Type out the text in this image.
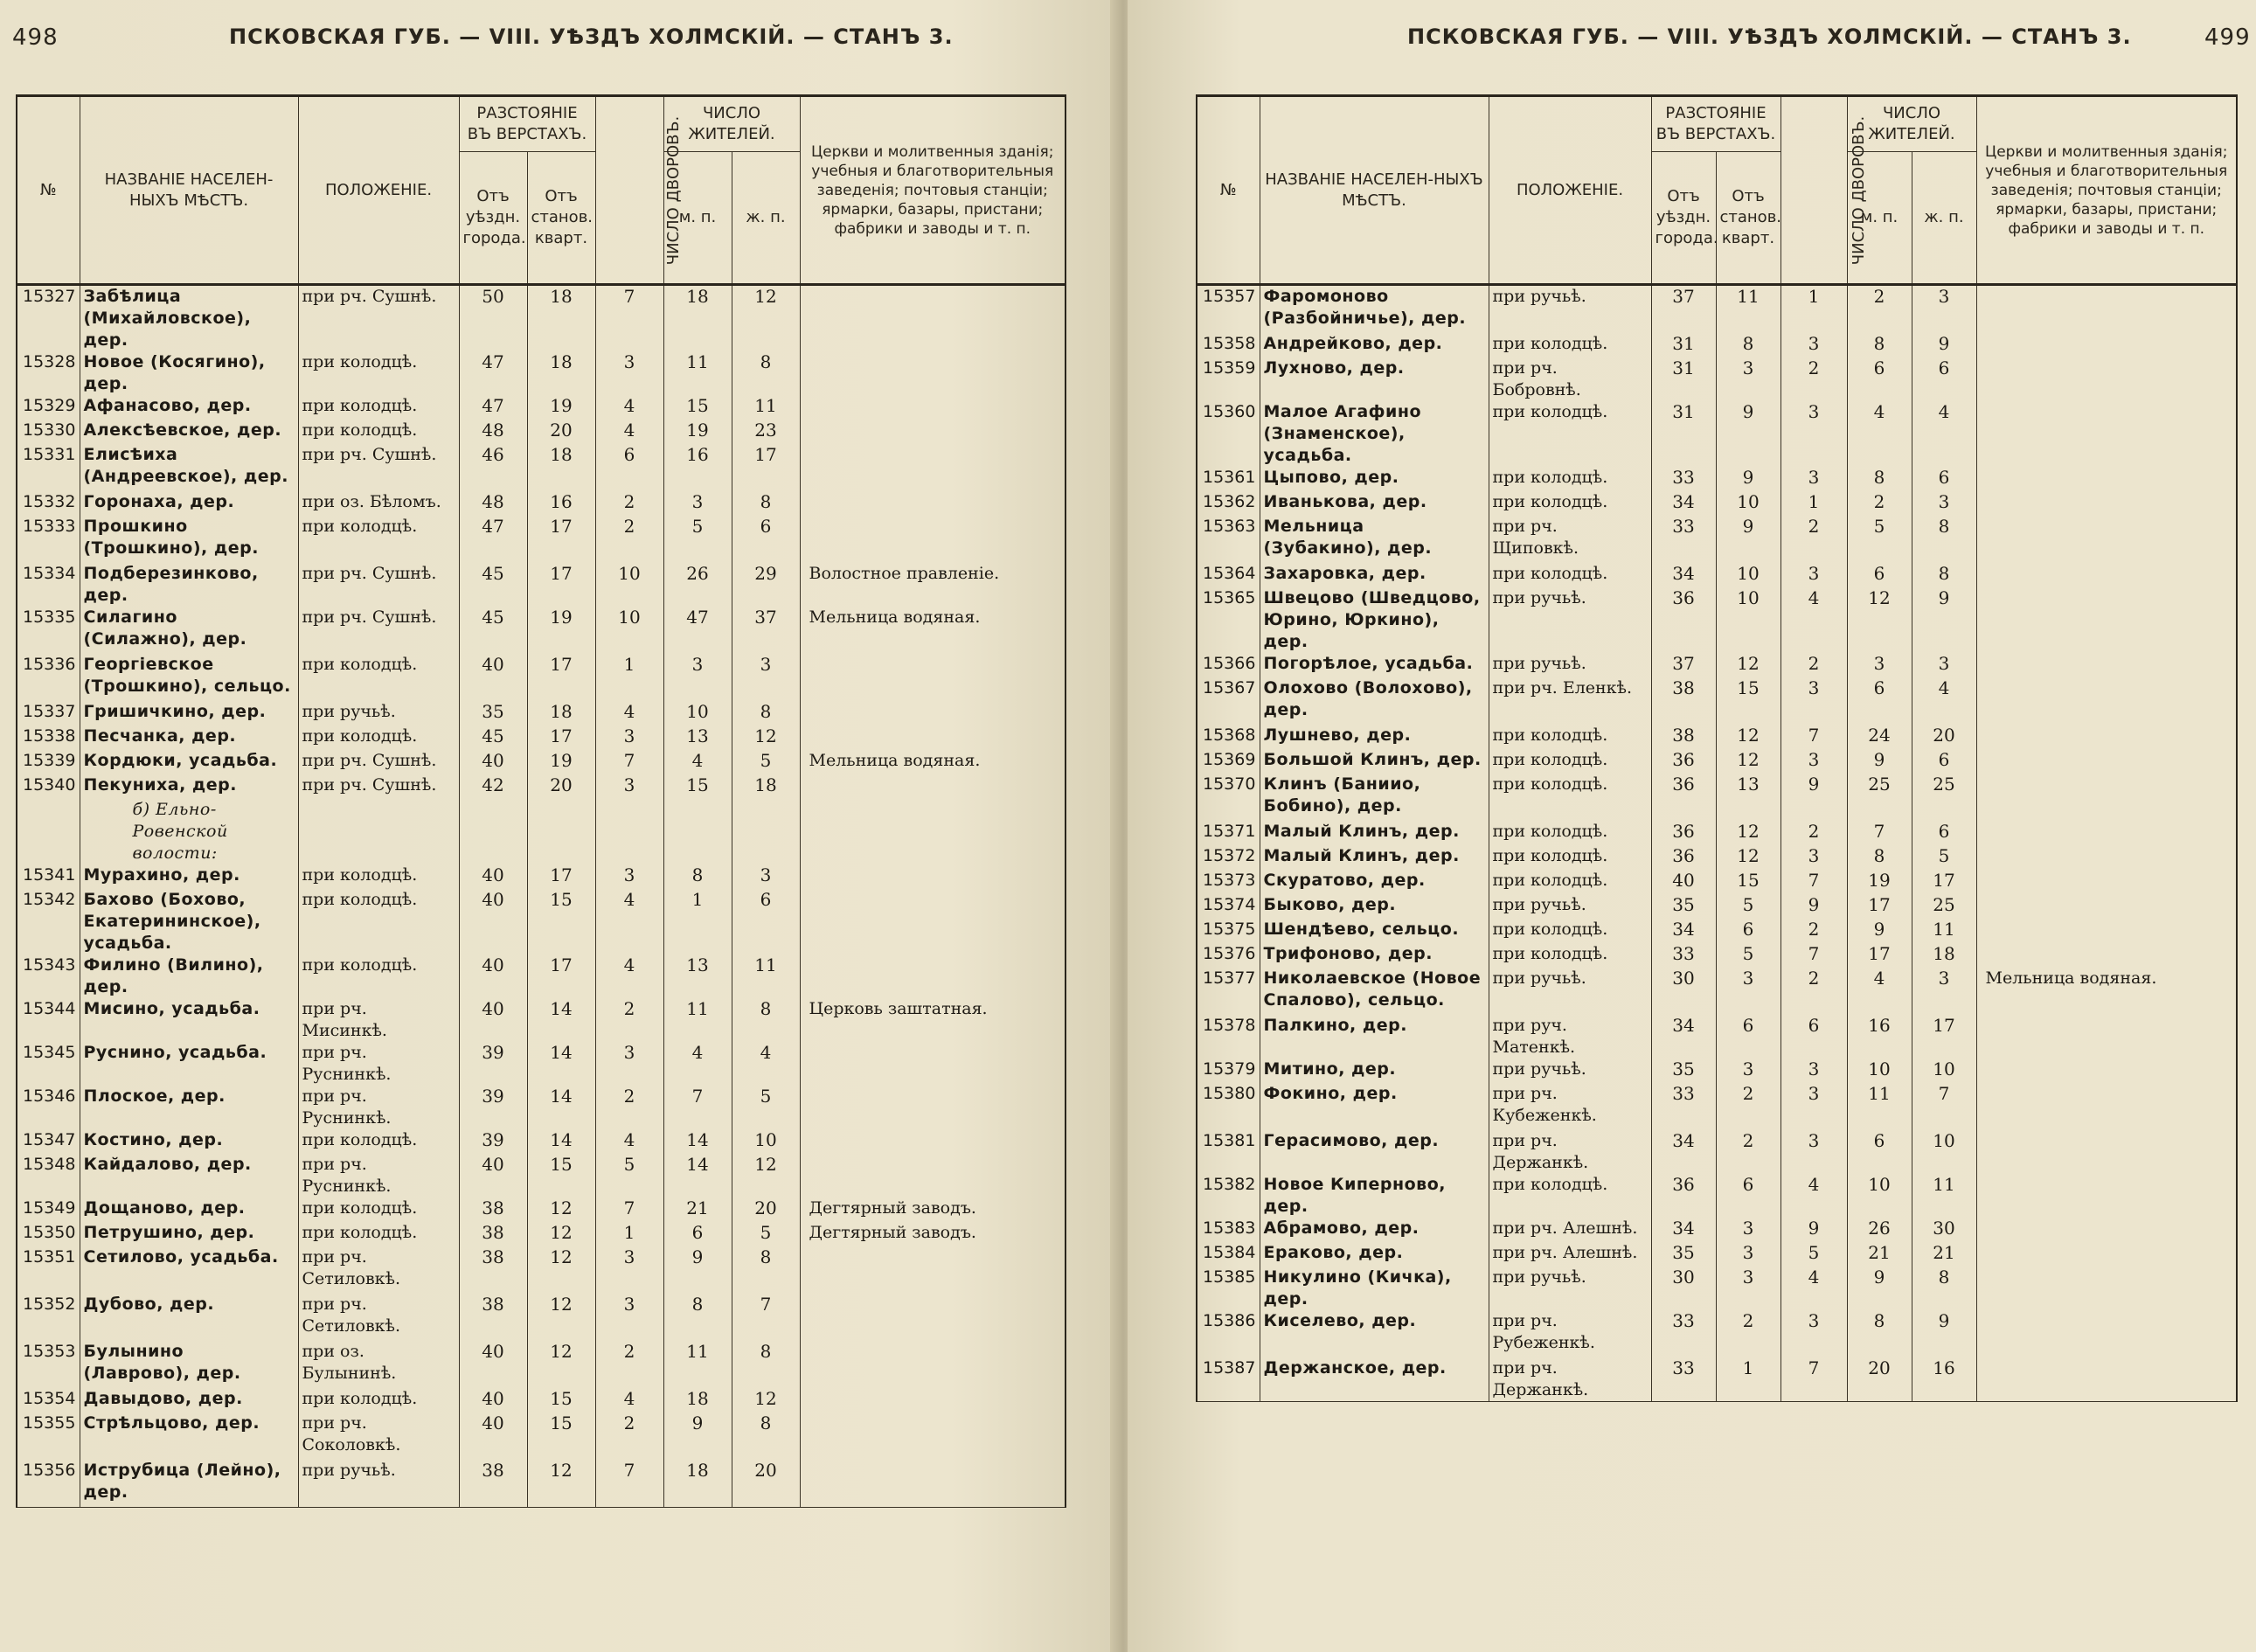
498	ПСКОВСКАЯ ГУБ. — VIII. УѢЗДЪ ХОЛМСКІЙ. — СТАНЪ 3.
№	НАЗВАНІЕ НАСЕЛЕН-НЫХЪ МѢСТЪ.	ПОЛОЖЕНІЕ.	РАЗСТОЯНІЕ ВЪ ВЕРСТАХЪ.		ЧИСЛО ДВОРОВЪ.	ЧИСЛО ЖИТЕЛЕЙ.		Церкви и молитвенныя зданія; учебныя и благотворительныя заведенія; почтовыя станціи; ярмарки, базары, пристани; фабрики и заводы и т. п.
			Отъ уѣздн. города.	Отъ станов. кварт.		м. п.	ж. п.	
15327	Забѣлица (Михайловское), дер.	при рч. Сушнѣ.	50	18	7	18	12	
15328	Новое (Косягино), дер.	при колодцѣ.	47	18	3	11	8	
15329	Афанасово, дер.	при колодцѣ.	47	19	4	15	11	
15330	Алексѣевское, дер.	при колодцѣ.	48	20	4	19	23	
15331	Елисѣиха (Андреевское), дер.	при рч. Сушнѣ.	46	18	6	16	17	
15332	Горонаха, дер.	при оз. Бѣломъ.	48	16	2	3	8	
15333	Прошкино (Трошкино), дер.	при колодцѣ.	47	17	2	5	6	
15334	Подберезинково, дер.	при рч. Сушнѣ.	45	17	10	26	29	Волостное правленіе.
15335	Силагино (Силажно), дер.	при рч. Сушнѣ.	45	19	10	47	37	Мельница водяная.
15336	Георгіевское (Трошкино), сельцо.	при колодцѣ.	40	17	1	3	3	
15337	Гришичкино, дер.	при ручьѣ.	35	18	4	10	8	
15338	Песчанка, дер.	при колодцѣ.	45	17	3	13	12	
15339	Кордюки, усадьба.	при рч. Сушнѣ.	40	19	7	4	5	Мельница водяная.
15340	Пекуниха, дер.	при рч. Сушнѣ.	42	20	3	15	18	
	б) Ельно-Ровенской волости:							
15341	Мурахино, дер.	при колодцѣ.	40	17	3	8	3	
15342	Бахово (Бохово, Екатерининское), усадьба.	при колодцѣ.	40	15	4	1	6	
15343	Филино (Вилино), дер.	при колодцѣ.	40	17	4	13	11	
15344	Мисино, усадьба.	при рч. Мисинкѣ.	40	14	2	11	8	Церковь заштатная.
15345	Руснино, усадьба.	при рч. Руснинкѣ.	39	14	3	4	4	
15346	Плоское, дер.	при рч. Руснинкѣ.	39	14	2	7	5	
15347	Костино, дер.	при колодцѣ.	39	14	4	14	10	
15348	Кайдалово, дер.	при рч. Руснинкѣ.	40	15	5	14	12	
15349	Дощаново, дер.	при колодцѣ.	38	12	7	21	20	Дегтярный заводъ.
15350	Петрушино, дер.	при колодцѣ.	38	12	1	6	5	Дегтярный заводъ.
15351	Сетилово, усадьба.	при рч. Сетиловкѣ.	38	12	3	9	8	
15352	Дубово, дер.	при рч. Сетиловкѣ.	38	12	3	8	7	
15353	Булынино (Лаврово), дер.	при оз. Булынинѣ.	40	12	2	11	8	
15354	Давыдово, дер.	при колодцѣ.	40	15	4	18	12	
15355	Стрѣльцово, дер.	при рч. Соколовкѣ.	40	15	2	9	8	
15356	Иструбица (Лейно), дер.	при ручьѣ.	38	12	7	18	20	
ПСКОВСКАЯ ГУБ. — VIII. УѢЗДЪ ХОЛМСКІЙ. — СТАНЪ 3.	499
№	НАЗВАНІЕ НАСЕЛЕН-НЫХЪ МѢСТЪ.	ПОЛОЖЕНІЕ.	РАЗСТОЯНІЕ ВЪ ВЕРСТАХЪ.		ЧИСЛО ДВОРОВЪ.	ЧИСЛО ЖИТЕЛЕЙ.		Церкви и молитвенныя зданія; учебныя и благотворительныя заведенія; почтовыя станціи; ярмарки, базары, пристани; фабрики и заводы и т. п.
			Отъ уѣздн. города.	Отъ станов. кварт.		м. п.	ж. п.	
15357	Фаромоново (Разбойничье), дер.	при ручьѣ.	37	11	1	2	3	
15358	Андрейково, дер.	при колодцѣ.	31	8	3	8	9	
15359	Лухново, дер.	при рч. Бобровнѣ.	31	3	2	6	6	
15360	Малое Агафино (Знаменское), усадьба.	при колодцѣ.	31	9	3	4	4	
15361	Цыпово, дер.	при колодцѣ.	33	9	3	8	6	
15362	Иванькова, дер.	при колодцѣ.	34	10	1	2	3	
15363	Мельница (Зубакино), дер.	при рч. Щиповкѣ.	33	9	2	5	8	
15364	Захаровка, дер.	при колодцѣ.	34	10	3	6	8	
15365	Швецово (Шведцово, Юрино, Юркино), дер.	при ручьѣ.	36	10	4	12	9	
15366	Погорѣлое, усадьба.	при ручьѣ.	37	12	2	3	3	
15367	Олохово (Волохово), дер.	при рч. Еленкѣ.	38	15	3	6	4	
15368	Лушнево, дер.	при колодцѣ.	38	12	7	24	20	
15369	Большой Клинъ, дер.	при колодцѣ.	36	12	3	9	6	
15370	Клинъ (Баниио, Бобино), дер.	при колодцѣ.	36	13	9	25	25	
15371	Малый Клинъ, дер.	при колодцѣ.	36	12	2	7	6	
15372	Малый Клинъ, дер.	при колодцѣ.	36	12	3	8	5	
15373	Скуратово, дер.	при колодцѣ.	40	15	7	19	17	
15374	Быково, дер.	при ручьѣ.	35	5	9	17	25	
15375	Шендѣево, сельцо.	при колодцѣ.	34	6	2	9	11	
15376	Трифоново, дер.	при колодцѣ.	33	5	7	17	18	
15377	Николаевское (Новое Спалово), сельцо.	при ручьѣ.	30	3	2	4	3	Мельница водяная.
15378	Палкино, дер.	при руч. Матенкѣ.	34	6	6	16	17	
15379	Митино, дер.	при ручьѣ.	35	3	3	10	10	
15380	Фокино, дер.	при рч. Кубеженкѣ.	33	2	3	11	7	
15381	Герасимово, дер.	при рч. Держанкѣ.	34	2	3	6	10	
15382	Новое Киперново, дер.	при колодцѣ.	36	6	4	10	11	
15383	Абрамово, дер.	при рч. Алешнѣ.	34	3	9	26	30	
15384	Ераково, дер.	при рч. Алешнѣ.	35	3	5	21	21	
15385	Никулино (Кичка), дер.	при ручьѣ.	30	3	4	9	8	
15386	Киселево, дер.	при рч. Рубеженкѣ.	33	2	3	8	9	
15387	Держанское, дер.	при рч. Держанкѣ.	33	1	7	20	16	
